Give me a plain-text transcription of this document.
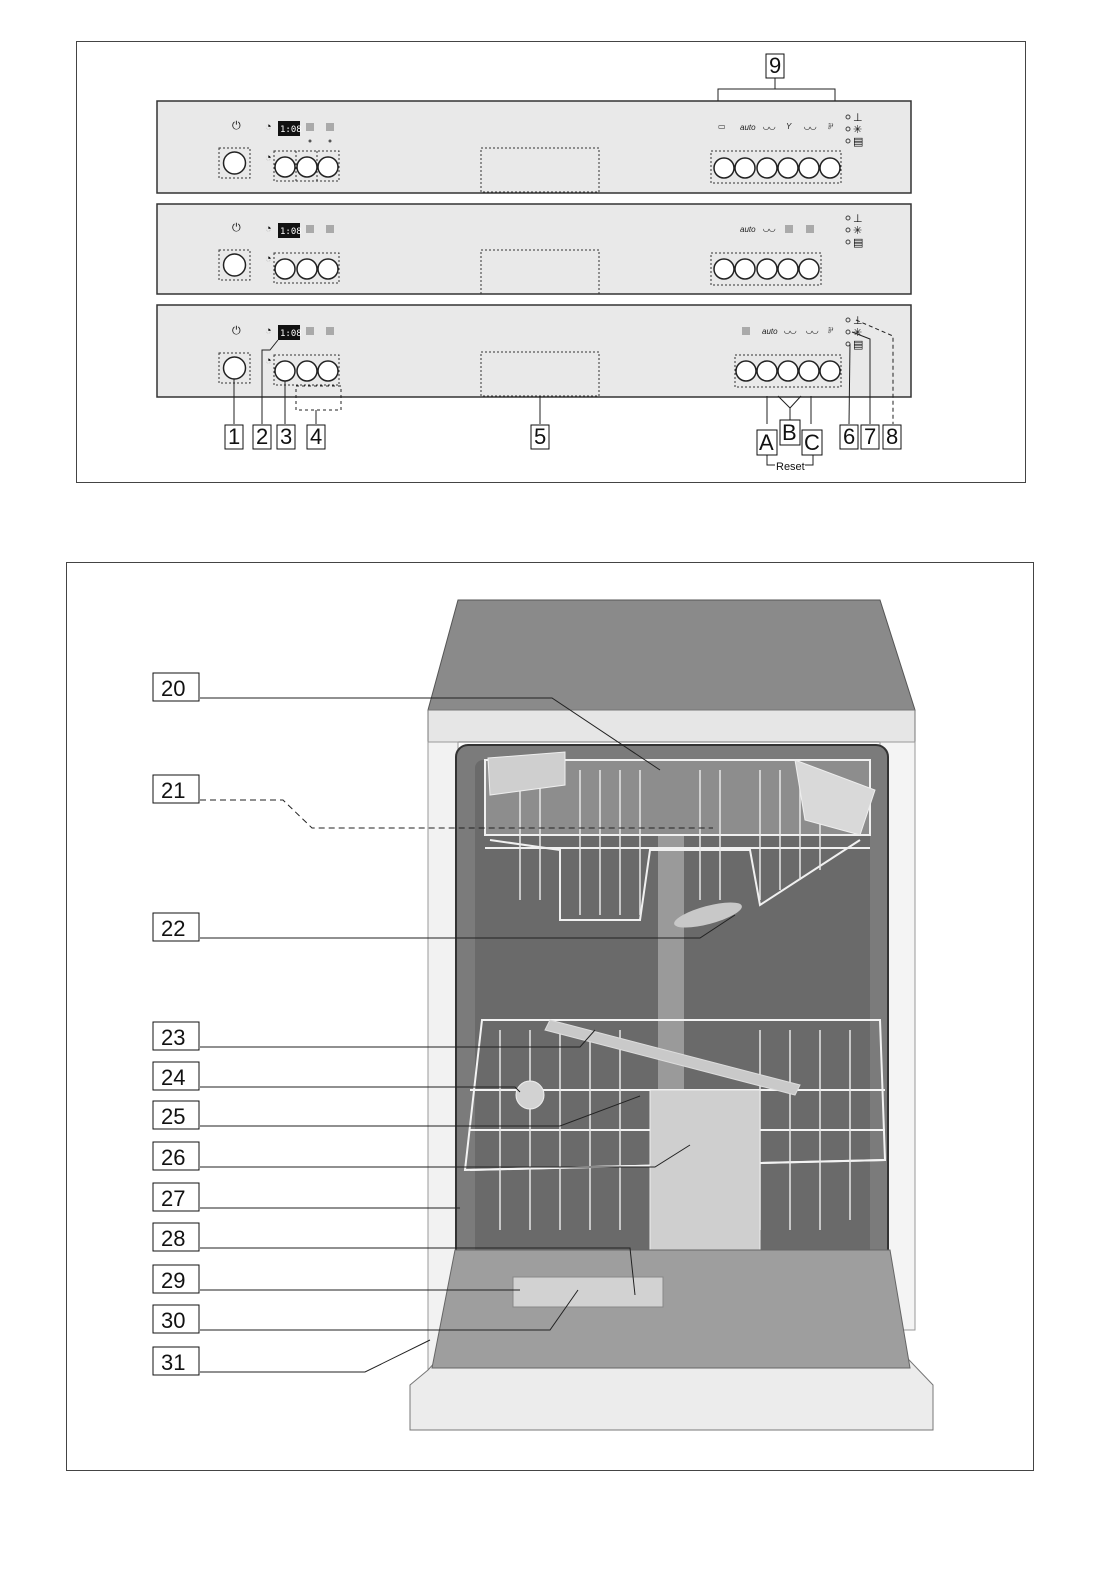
⏻	1:08
◔
◔
▭ auto ◡◡ Y ◡◡ ⅌
⊥
✳
▤
⏻	1:08
◔
◔
auto ◡◡
⊥
✳
▤
⏻	1:08
◔
◔
auto ◡◡ ◡◡ ⅌
⊥
✳
▤
9
1 2 3 4	5	A B C
Reset
6 7 8
20
21
22
23
24
25
26
27
28
29
30
31
